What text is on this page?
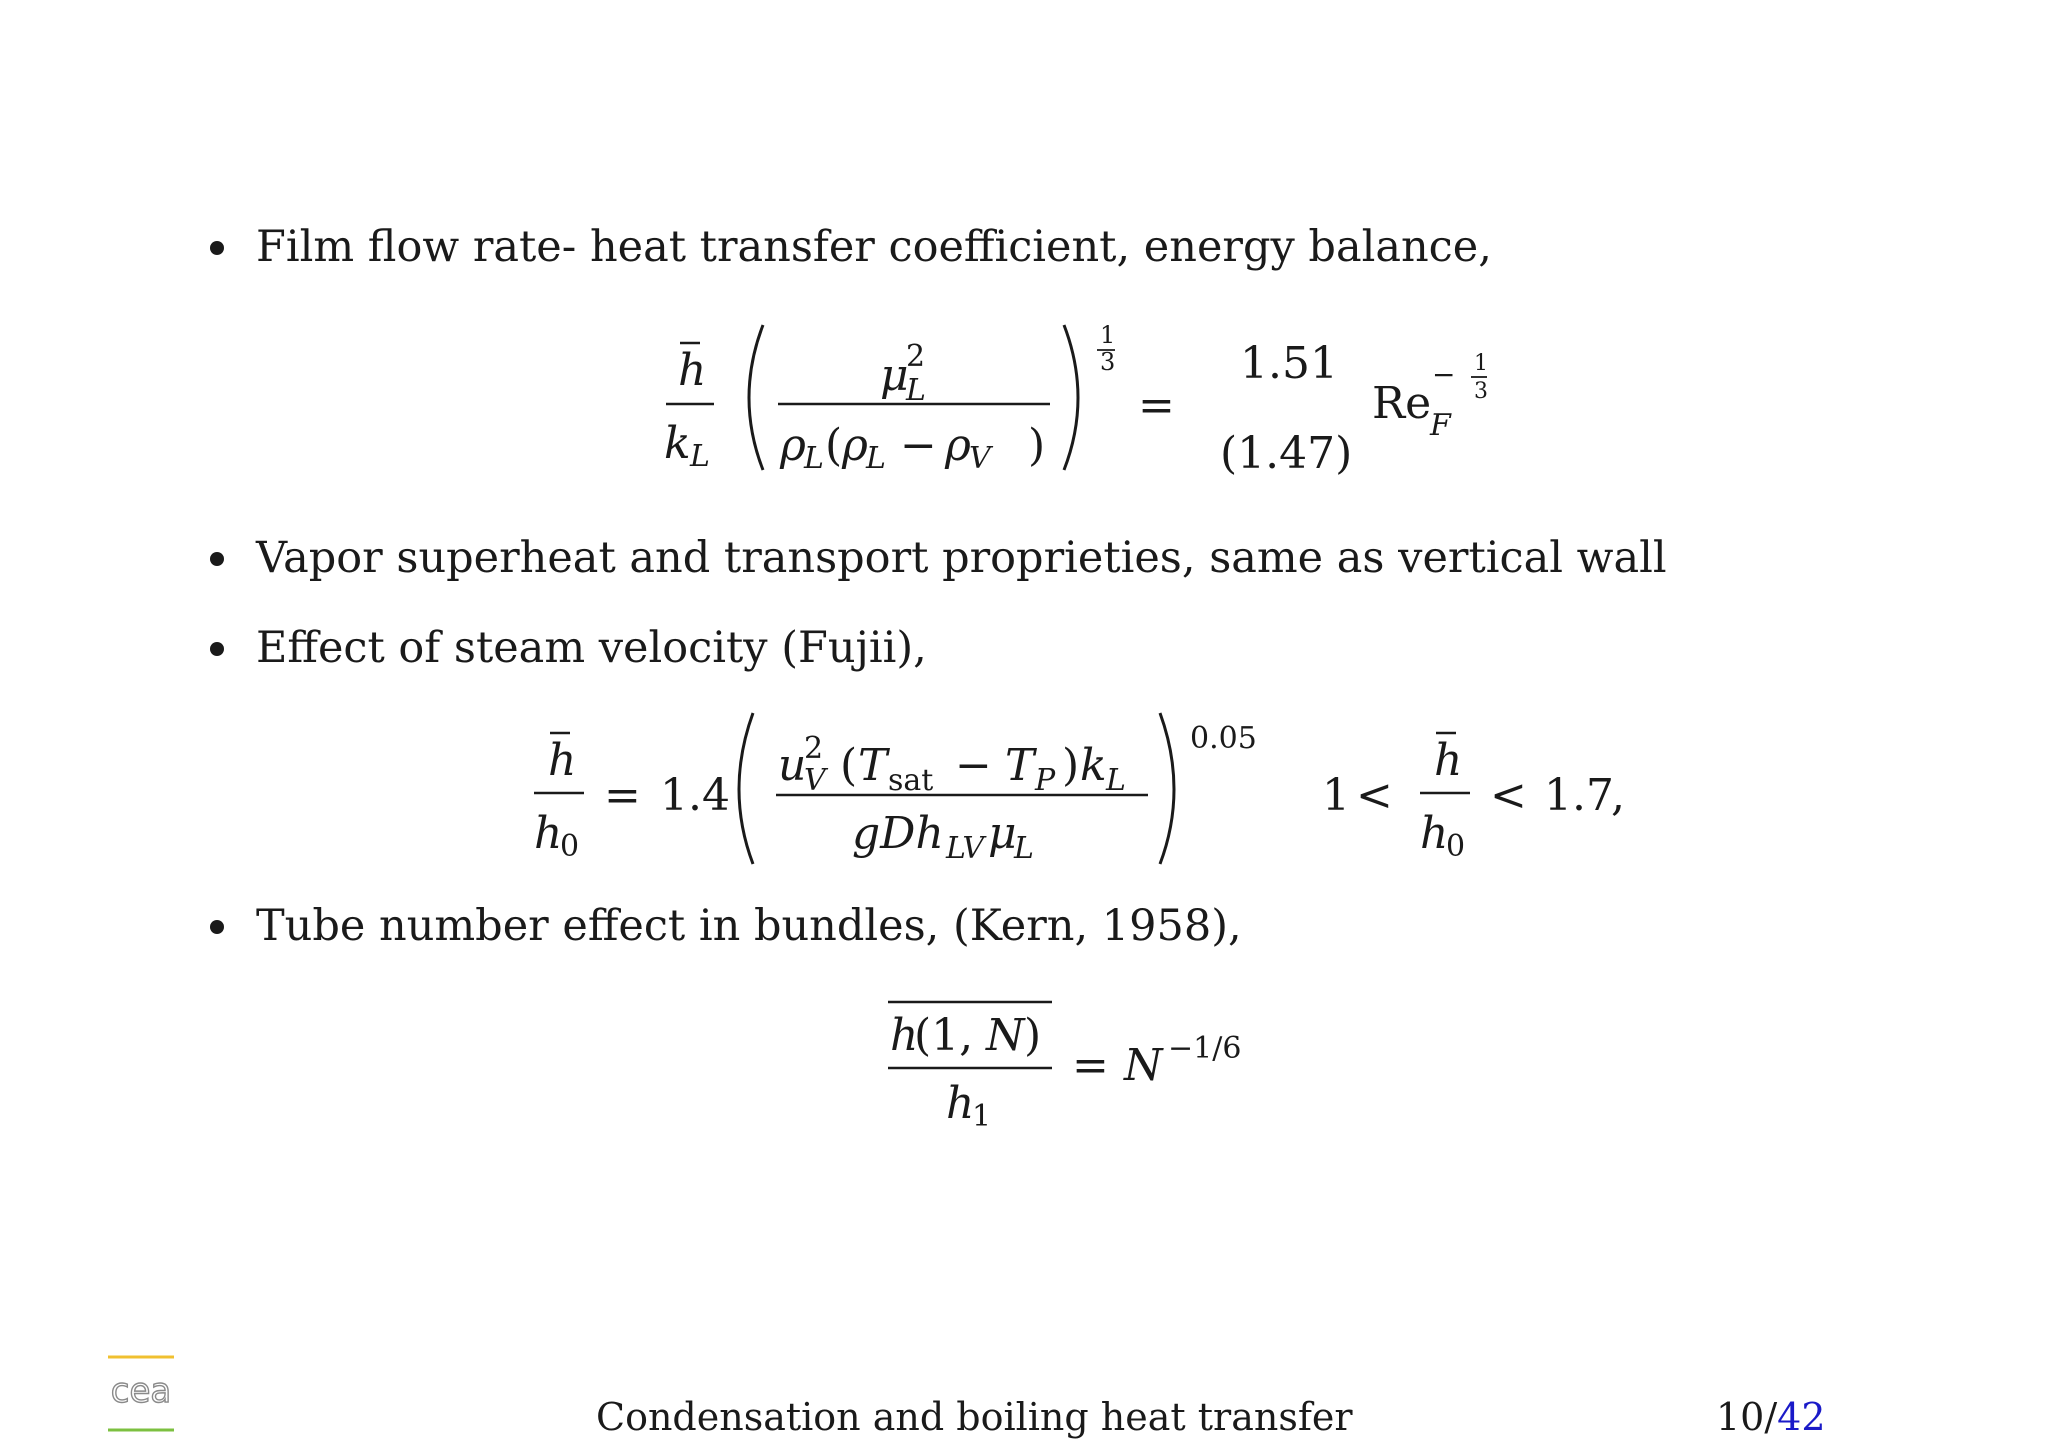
Film flow rate- heat transfer coefficient, energy balance,
h
k L
μ
2
L
ρ
L ( ρ
L − ρ
V )
1
3
=
1.51
(1.47)
Re
F
− 1
3
Vapor superheat and transport proprieties, same as vertical wall
Effect of steam velocity (Fujii),
h
h
0
= 1.4
u
2
V ( T sat − T P ) k L
gDh LV μ
L
0.05
1 <
h
h
0
< 1.7
,
Tube number effect in bundles, (Kern, 1958),
h
(1, N )
h
1
= N −1/6
cea
Condensation and boiling heat transfer	10/42
